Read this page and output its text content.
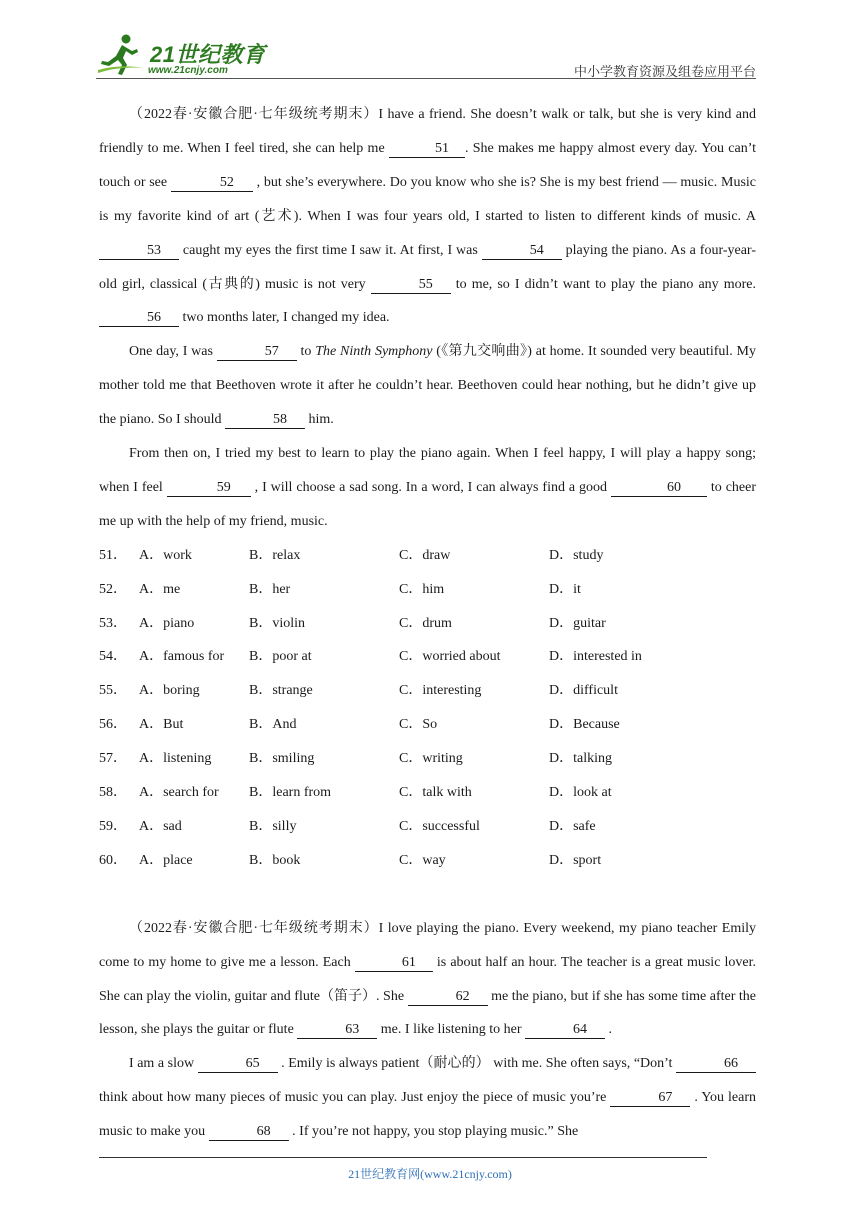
21世纪教育
www.21cnjy.com	中小学教育资源及组卷应用平台

（2022春·安徽合肥·七年级统考期末）I have a friend. She doesn’t walk or talk, but she is very kind and friendly to me. When I feel tired, she can help me	51 . She makes me happy almost every day. You can’t touch or see	52 , but she’s everywhere. Do you know who she is? She is my best friend — music. Music is my favorite kind of art (艺术). When I was four years old, I started to listen to different kinds of music. A 53 caught my eyes the first time I saw it. At first, I was	54 playing the piano. As a four-year-old girl, classical (古典的) music is not very	55 to me, so I didn’t want to play the piano any more. 56 two months later, I changed my idea.

One day, I was	57 to The Ninth Symphony (《第九交响曲》) at home. It sounded very beautiful. My mother told me that Beethoven wrote it after he couldn’t hear. Beethoven could hear nothing, but he didn’t give up the piano. So I should	58 him.

From then on, I tried my best to learn to play the piano again. When I feel happy, I will play a happy song; when I feel	59 , I will choose a sad song. In a word, I can always find a good	60 to cheer me up with the help of my friend, music.

51． A．work	B．relax	C．draw	D．study
52． A．me	B．her	C．him	D．it
53． A．piano	B．violin	C．drum	D．guitar
54． A．famous for	B．poor at	C．worried about	D．interested in
55． A．boring	B．strange	C．interesting	D．difficult
56． A．But	B．And	C．So	D．Because
57． A．listening	B．smiling	C．writing	D．talking
58． A．search for	B．learn from	C．talk with	D．look at
59． A．sad	B．silly	C．successful	D．safe
60． A．place	B．book	C．way	D．sport

（2022春·安徽合肥·七年级统考期末）I love playing the piano. Every weekend, my piano teacher Emily come to my home to give me a lesson. Each	61 is about half an hour. The teacher is a great music lover. She can play the violin, guitar and flute（笛子）. She	62 me the piano, but if she has some time after the lesson, she plays the guitar or flute	63 me. I like listening to her	64 .

I am a slow	65 . Emily is always patient（耐心的） with me. She often says, “Don’t	66 think about how many pieces of music you can play. Just enjoy the piece of music you’re	67 . You learn music to make you	68 . If you’re not happy, you stop playing music.” She

21世纪教育网(www.21cnjy.com)
